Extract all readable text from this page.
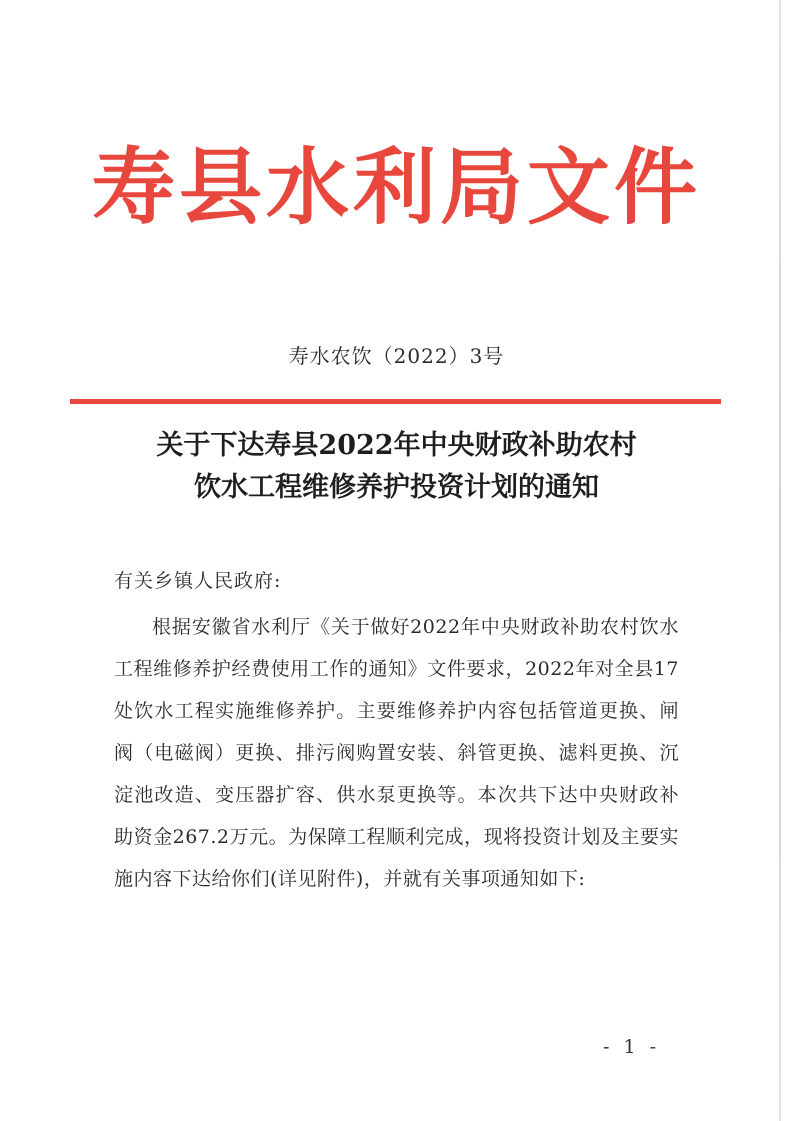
寿县水利局文件
寿水农饮（2022）3号
关于下达寿县2022年中央财政补助农村
饮水工程维修养护投资计划的通知
有关乡镇人民政府:
根据安徽省水利厅《关于做好2022年中央财政补助农村饮水工程维修养护经费使用工作的通知》文件要求，2022年对全县17处饮水工程实施维修养护。主要维修养护内容包括管道更换、闸阀（电磁阀）更换、排污阀购置安装、斜管更换、滤料更换、沉淀池改造、变压器扩容、供水泵更换等。本次共下达中央财政补助资金267.2万元。为保障工程顺利完成，现将投资计划及主要实施内容下达给你们(详见附件)，并就有关事项通知如下:
- 1 -
